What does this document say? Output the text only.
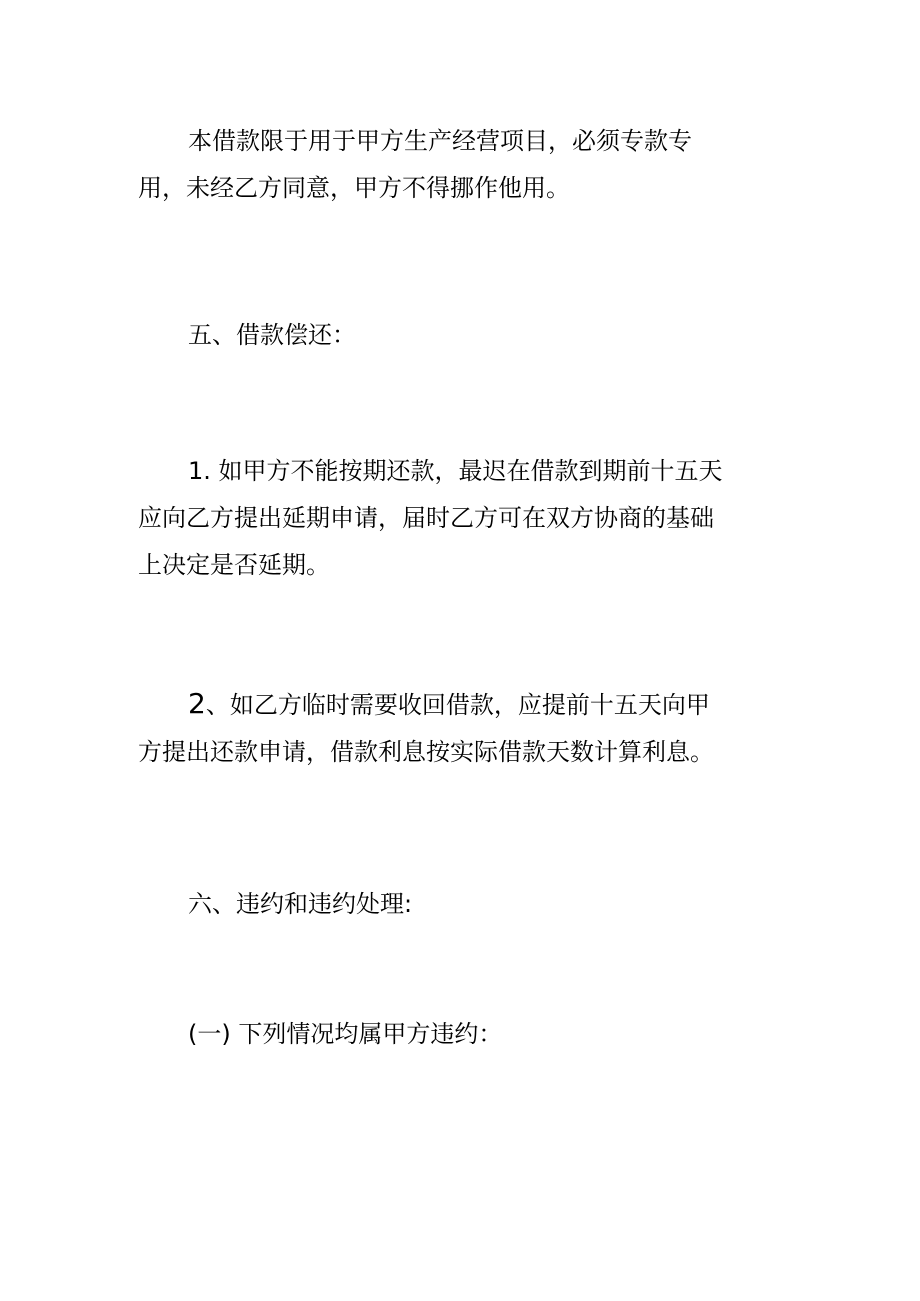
本借款限于用于甲方生产经营项目，必须专款专
用，未经乙方同意，甲方不得挪作他用。
五、借款偿还：
1. 如甲方不能按期还款，最迟在借款到期前十五天
应向乙方提出延期申请，届时乙方可在双方协商的基础
上决定是否延期。
2、如乙方临时需要收回借款，应提前十五天向甲
方提出还款申请，借款利息按实际借款天数计算利息。
六、违约和违约处理:
(一) 下列情况均属甲方违约：
